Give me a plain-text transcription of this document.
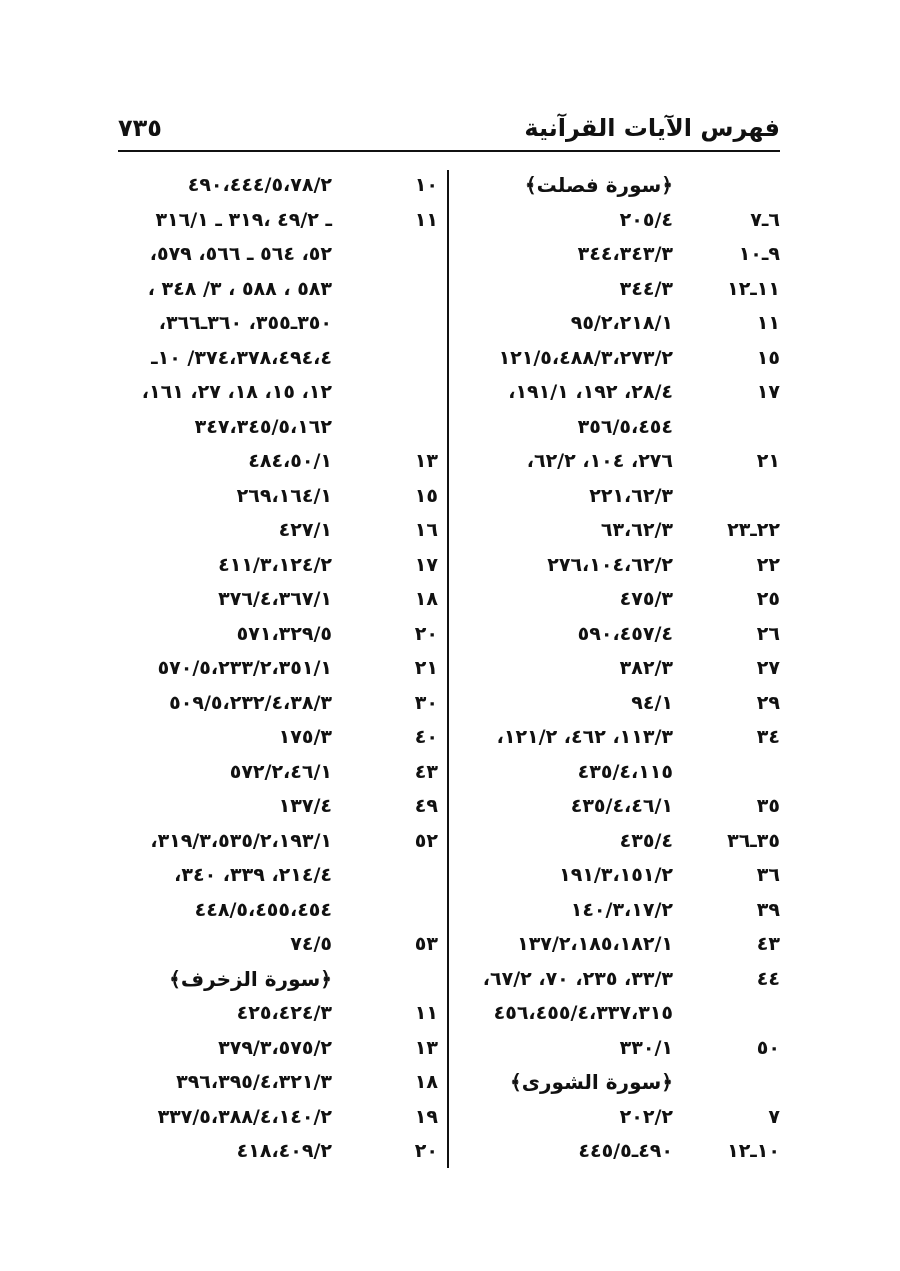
٧٣٥	فهرس الآيات القرآنية
﴿سورة فصلت﴾
٦ـ٧
٢٠٥/٤
٩ـ١٠
٣٤٤،٣٤٣/٣
١١ـ١٢
٣٤٤/٣
١١
٩٥/٢،٢١٨/١
١٥
١٢١/٥،٤٨٨/٣،٢٧٣/٢
١٧
٢٨/٤، ١٩٢، ١٩١/١،
٣٥٦/٥،٤٥٤
٢١
٢٧٦، ١٠٤، ٦٢/٢،
٢٢١،٦٢/٣
٢٢ـ٢٣
٦٣،٦٢/٣
٢٢
٢٧٦،١٠٤،٦٢/٢
٢٥
٤٧٥/٣
٢٦
٥٩٠،٤٥٧/٤
٢٧
٣٨٢/٣
٢٩
٩٤/١
٣٤
١١٣/٣، ٤٦٢، ١٢١/٢،
٤٣٥/٤،١١٥
٣٥
٤٣٥/٤،٤٦/١
٣٥ـ٣٦
٤٣٥/٤
٣٦
١٩١/٣،١٥١/٢
٣٩
١٤٠/٣،١٧/٢
٤٣
١٣٧/٢،١٨٥،١٨٢/١
٤٤
٣٣/٣، ٢٣٥، ٧٠، ٦٧/٢،
٤٥٦،٤٥٥/٤،٣٣٧،٣١٥
٥٠
٣٣٠/١
﴿سورة الشورى﴾
٧
٢٠٢/٢
١٠ـ١٢
٤٩٠ـ٤٤٥/٥
١٠
٤٩٠،٤٤٤/٥،٧٨/٢
١١
ـ ٤٩/٢ ،٣١٩ ـ ٣١٦/١
٥٢، ٥٦٤ ـ ٥٦٦، ٥٧٩،
٥٨٣ ، ٥٨٨ ، ٣/ ٣٤٨ ،
٣٥٠ـ٣٥٥، ٣٦٠ـ٣٦٦،
٣٧٤،٣٧٨،٤٩٤،٤/ ١٠ـ
١٢، ١٥، ١٨، ٢٧، ١٦١،
٣٤٧،٣٤٥/٥،١٦٢
١٣
٤٨٤،٥٠/١
١٥
٢٦٩،١٦٤/١
١٦
٤٢٧/١
١٧
٤١١/٣،١٢٤/٢
١٨
٣٧٦/٤،٣٦٧/١
٢٠
٥٧١،٣٢٩/٥
٢١
٥٧٠/٥،٢٣٣/٢،٣٥١/١
٣٠
٥٠٩/٥،٢٣٢/٤،٣٨/٣
٤٠
١٧٥/٣
٤٣
٥٧٢/٢،٤٦/١
٤٩
١٣٧/٤
٥٢
٣١٩/٣،٥٣٥/٢،١٩٣/١،
٢١٤/٤، ٣٣٩، ٣٤٠،
٤٤٨/٥،٤٥٥،٤٥٤
٥٣
٧٤/٥
﴿سورة الزخرف﴾
١١
٤٢٥،٤٢٤/٣
١٣
٣٧٩/٣،٥٧٥/٢
١٨
٣٩٦،٣٩٥/٤،٣٢١/٣
١٩
٣٣٧/٥،٣٨٨/٤،١٤٠/٢
٢٠
٤١٨،٤٠٩/٢
